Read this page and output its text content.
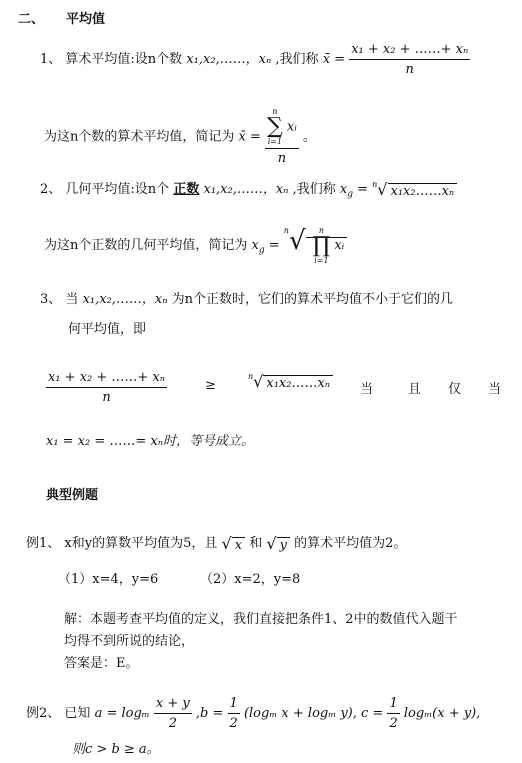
二、 平均值
1、 算术平均值:设n个数 x₁,x₂,……，xₙ ,我们称 x̄ = $\frac{\text{x₁ + x₂ + ……+ xₙ}}{n}$
为这n个数的算术平均值，简记为 x̄ = n
∑
i=1
xᵢ
n 。
2、 几何平均值:设n个 正数 x₁,x₂,……，xₙ ,我们称 $x_g = ^n√$ x₁x₂……xₙ
为这n个正数的几何平均值，简记为 $x_g = ^n√$	n
∏
i=1
xᵢ
3、 当 x₁,x₂,……，xₙ 为n个正数时，它们的算术平均值不小于它们的几
何平均值，即
$\frac{\text{x₁ + x₂ + ……+ xₙ}}{n}$	≥
$^n$√ x₁x₂……xₙ 当	且 仅 当
x₁ = x₂ = ……= xₙ时，等号成立。
典型例题
例1、 x和y的算数平均值为5，且 √ x 和 √ y 的算术平均值为2。
（1）x=4，y=6	（2）x=2，y=8
解：本题考查平均值的定义，我们直接把条件1、2中的数值代入题干
均得不到所说的结论，
答案是：E。
例2、 已知 a = logₘ $\frac{x + y}{2} ,b = \frac{1}{2} (\log_m$ x + logₘ y), $c = \frac{1}{2} \log_m(x + y)$,
则c > b ≥ a。
